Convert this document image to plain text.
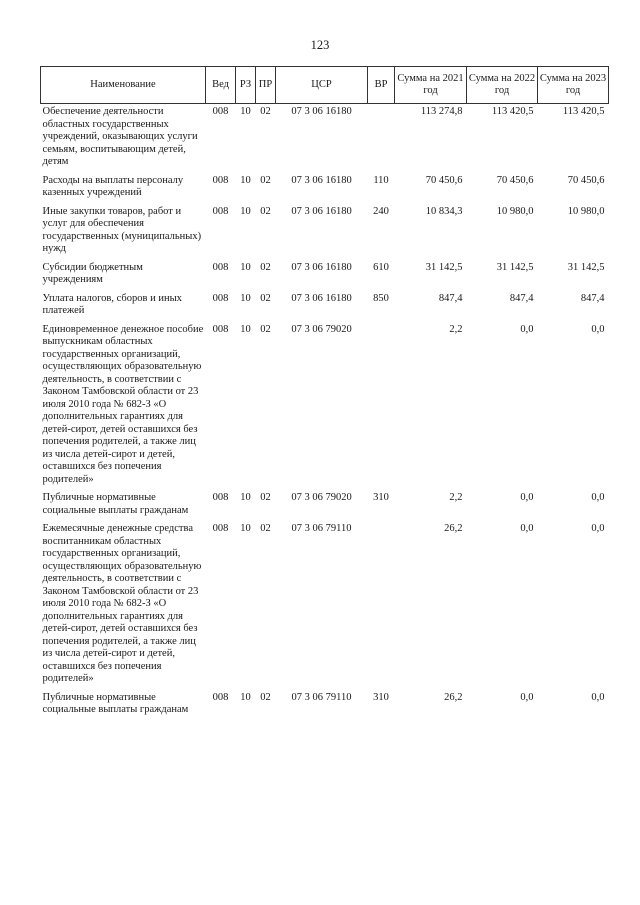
123
Наименование	Вед	РЗ	ПР	ЦСР	ВР	Сумма на 2021 год	Сумма на 2022 год	Сумма на 2023 год
Обеспечение деятельности областных государственных учреждений, оказывающих услуги семьям, воспитывающим детей, детям	008	10	02	07 3 06 16180		113 274,8	113 420,5	113 420,5
Расходы на выплаты персоналу казенных учреждений	008	10	02	07 3 06 16180	110	70 450,6	70 450,6	70 450,6
Иные закупки товаров, работ и услуг для обеспечения государственных (муниципальных) нужд	008	10	02	07 3 06 16180	240	10 834,3	10 980,0	10 980,0
Субсидии бюджетным учреждениям	008	10	02	07 3 06 16180	610	31 142,5	31 142,5	31 142,5
Уплата налогов, сборов и иных платежей	008	10	02	07 3 06 16180	850	847,4	847,4	847,4
Единовременное денежное пособие выпускникам областных государственных организаций, осуществляющих образовательную деятельность, в соответствии с Законом Тамбовской области от 23 июля 2010 года № 682-З «О дополнительных гарантиях для детей-сирот, детей оставшихся без попечения родителей, а также лиц из числа детей-сирот и детей, оставшихся без попечения родителей»	008	10	02	07 3 06 79020		2,2	0,0	0,0
Публичные нормативные социальные выплаты гражданам	008	10	02	07 3 06 79020	310	2,2	0,0	0,0
Ежемесячные денежные средства воспитанникам областных государственных организаций, осуществляющих образовательную деятельность, в соответствии с Законом Тамбовской области от 23 июля 2010 года № 682-З «О дополнительных гарантиях для детей-сирот, детей оставшихся без попечения родителей, а также лиц из числа детей-сирот и детей, оставшихся без попечения родителей»	008	10	02	07 3 06 79110		26,2	0,0	0,0
Публичные нормативные социальные выплаты гражданам	008	10	02	07 3 06 79110	310	26,2	0,0	0,0
